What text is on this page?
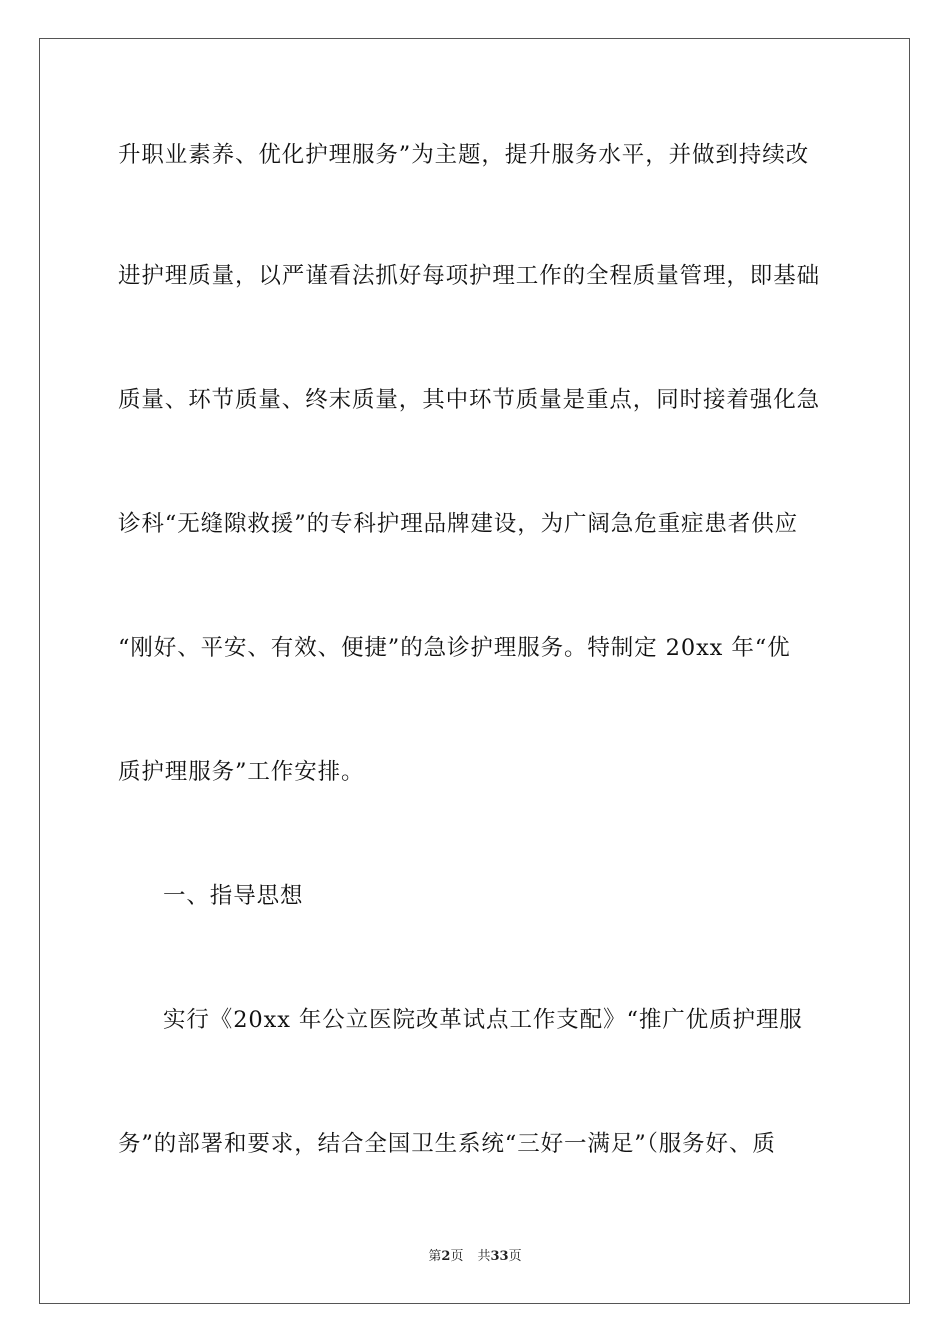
升职业素养、优化护理服务”为主题，提升服务水平，并做到持续改
进护理质量，以严谨看法抓好每项护理工作的全程质量管理，即基础
质量、环节质量、终末质量，其中环节质量是重点，同时接着强化急
诊科“无缝隙救援”的专科护理品牌建设，为广阔急危重症患者供应
“刚好、平安、有效、便捷”的急诊护理服务。特制定 20xx 年“优
质护理服务”工作安排。
一、指导思想
实行《20xx 年公立医院改革试点工作支配》“推广优质护理服
务”的部署和要求，结合全国卫生系统“三好一满足”（服务好、质
第2页 共33页
